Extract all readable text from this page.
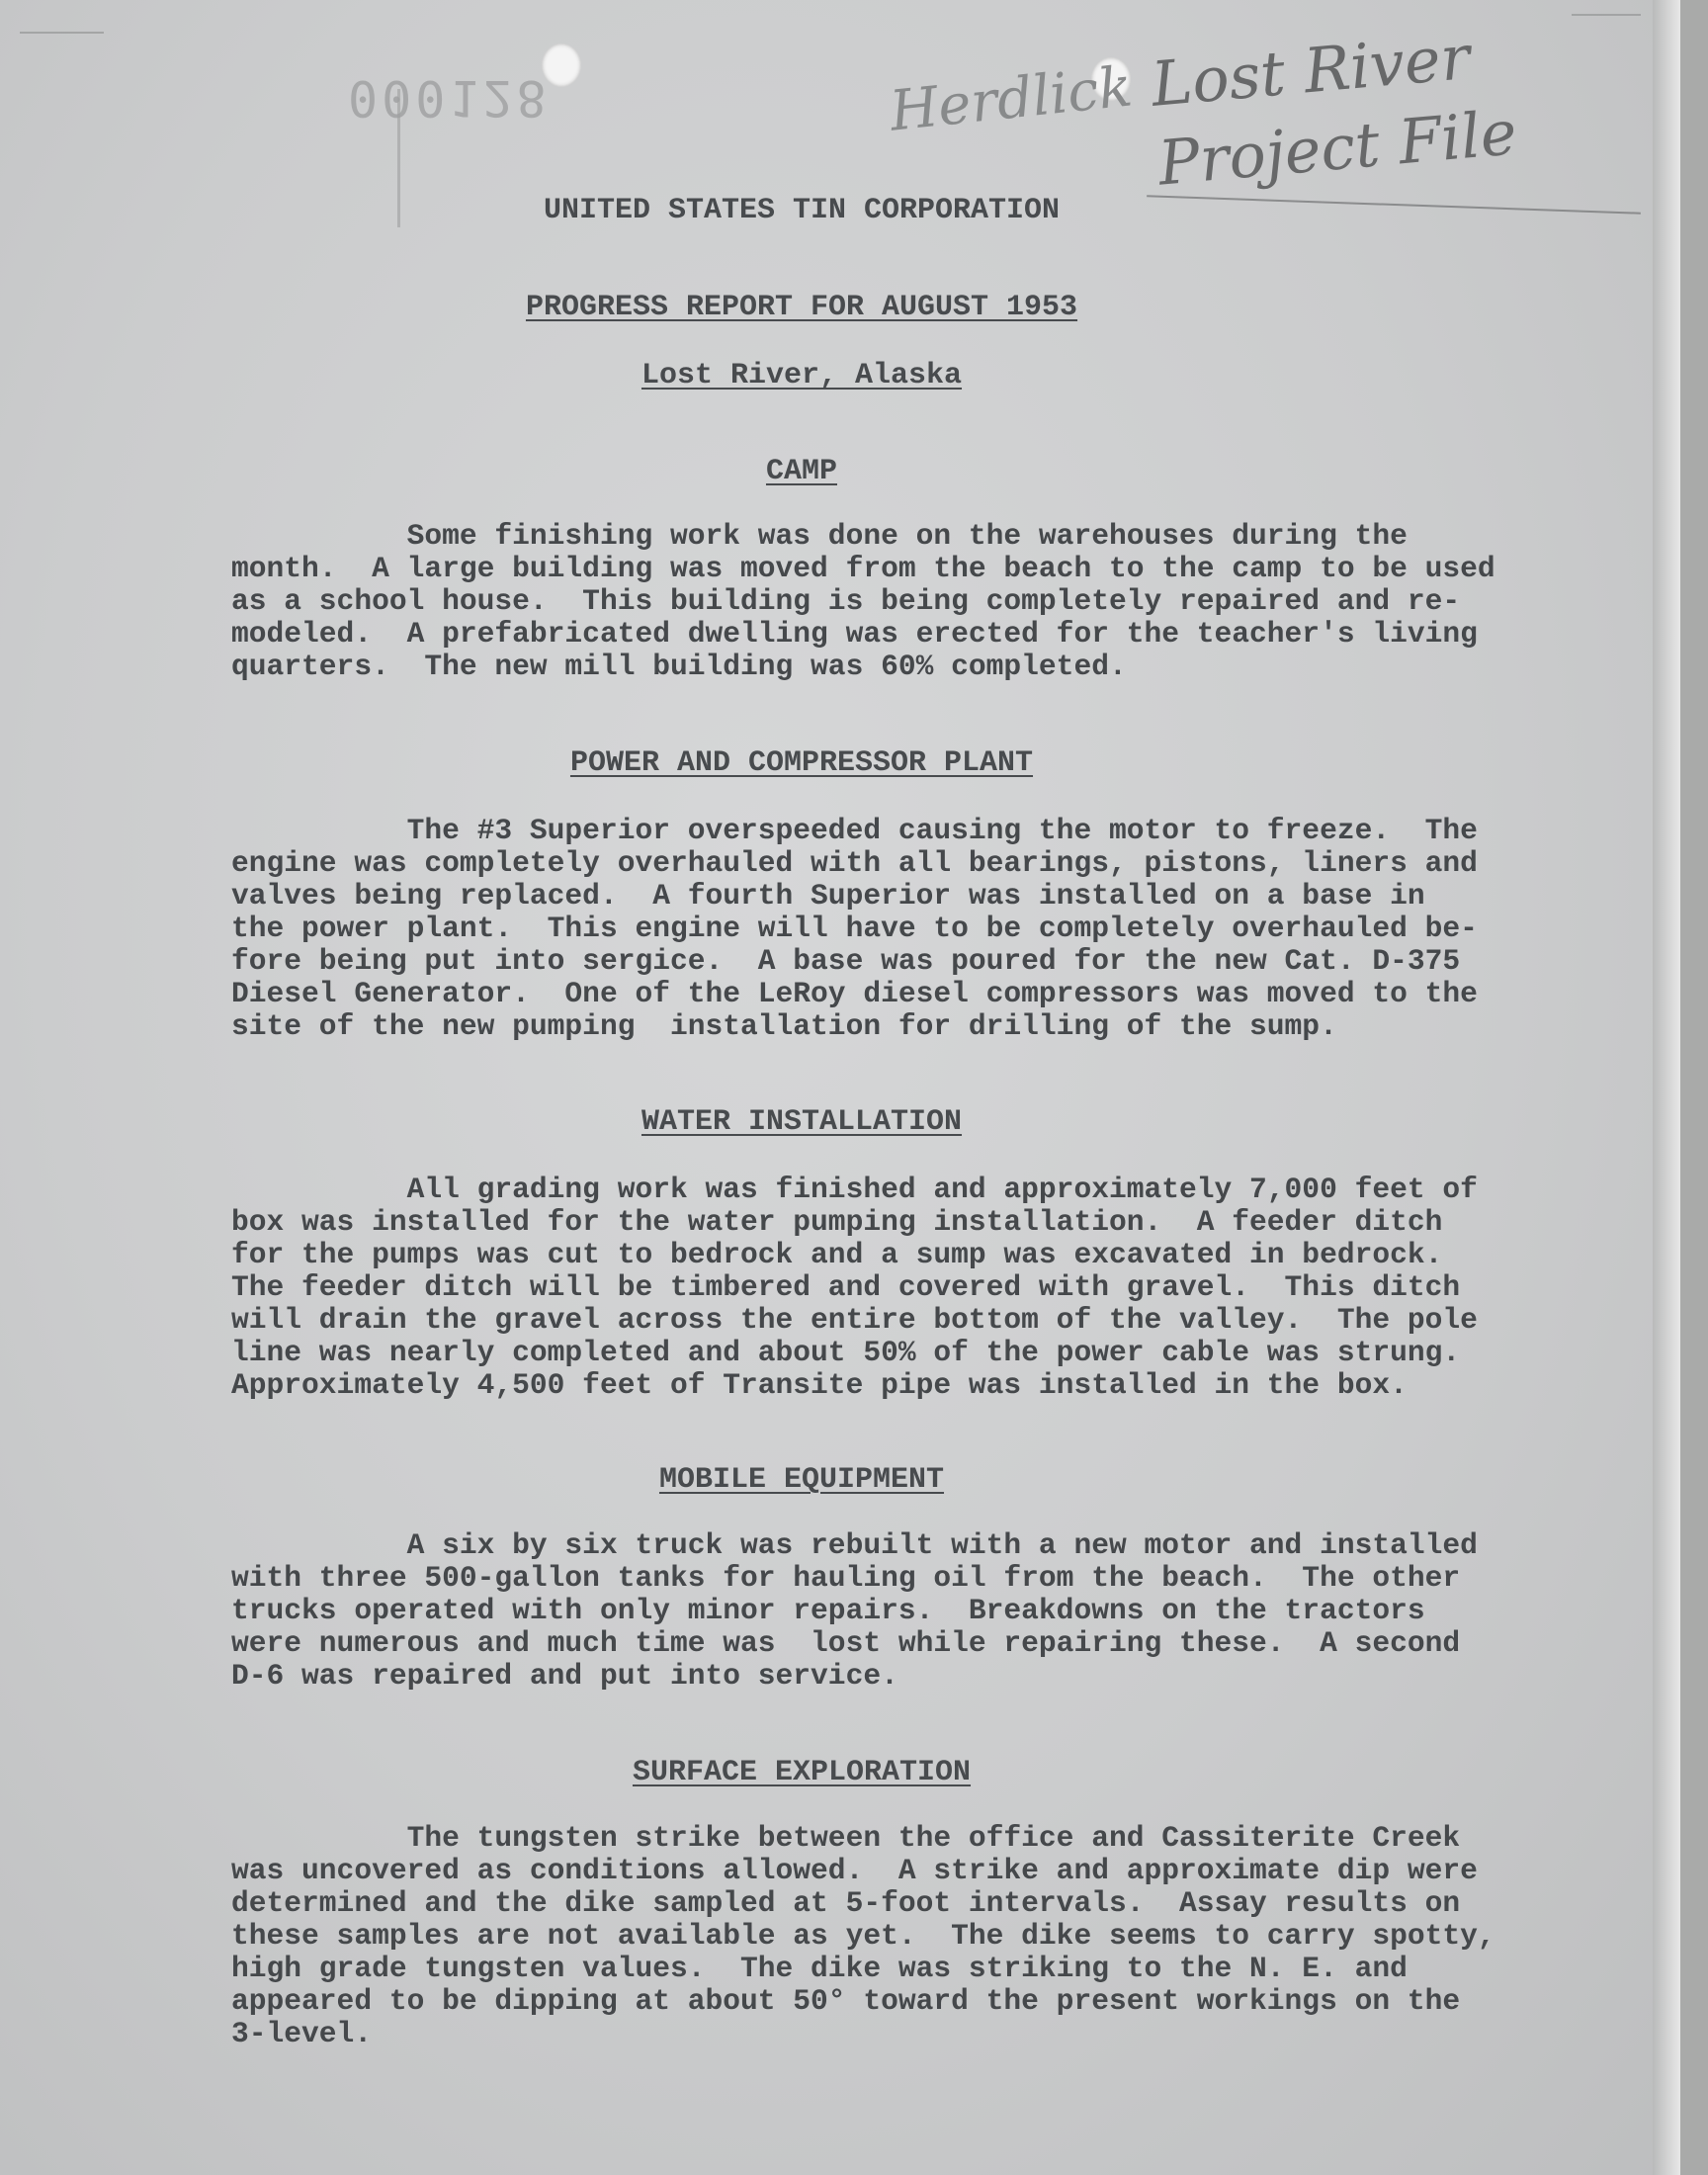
000128	Herdlick Lost River
Project File
UNITED STATES TIN CORPORATION
PROGRESS REPORT FOR AUGUST 1953
Lost River, Alaska
CAMP
Some finishing work was done on the warehouses during the
month.  A large building was moved from the beach to the camp to be used
as a school house.  This building is being completely repaired and re-
modeled.  A prefabricated dwelling was erected for the teacher's living
quarters.  The new mill building was 60% completed.
POWER AND COMPRESSOR PLANT
The #3 Superior overspeeded causing the motor to freeze.  The
engine was completely overhauled with all bearings, pistons, liners and
valves being replaced.  A fourth Superior was installed on a base in
the power plant.  This engine will have to be completely overhauled be-
fore being put into sergice.  A base was poured for the new Cat. D-375
Diesel Generator.  One of the LeRoy diesel compressors was moved to the
site of the new pumping  installation for drilling of the sump.
WATER INSTALLATION
All grading work was finished and approximately 7,000 feet of
box was installed for the water pumping installation.  A feeder ditch
for the pumps was cut to bedrock and a sump was excavated in bedrock.
The feeder ditch will be timbered and covered with gravel.  This ditch
will drain the gravel across the entire bottom of the valley.  The pole
line was nearly completed and about 50% of the power cable was strung.
Approximately 4,500 feet of Transite pipe was installed in the box.
MOBILE EQUIPMENT
A six by six truck was rebuilt with a new motor and installed
with three 500-gallon tanks for hauling oil from the beach.  The other
trucks operated with only minor repairs.  Breakdowns on the tractors
were numerous and much time was  lost while repairing these.  A second
D-6 was repaired and put into service.
SURFACE EXPLORATION
The tungsten strike between the office and Cassiterite Creek
was uncovered as conditions allowed.  A strike and approximate dip were
determined and the dike sampled at 5-foot intervals.  Assay results on
these samples are not available as yet.  The dike seems to carry spotty,
high grade tungsten values.  The dike was striking to the N. E. and
appeared to be dipping at about 50° toward the present workings on the
3-level.
